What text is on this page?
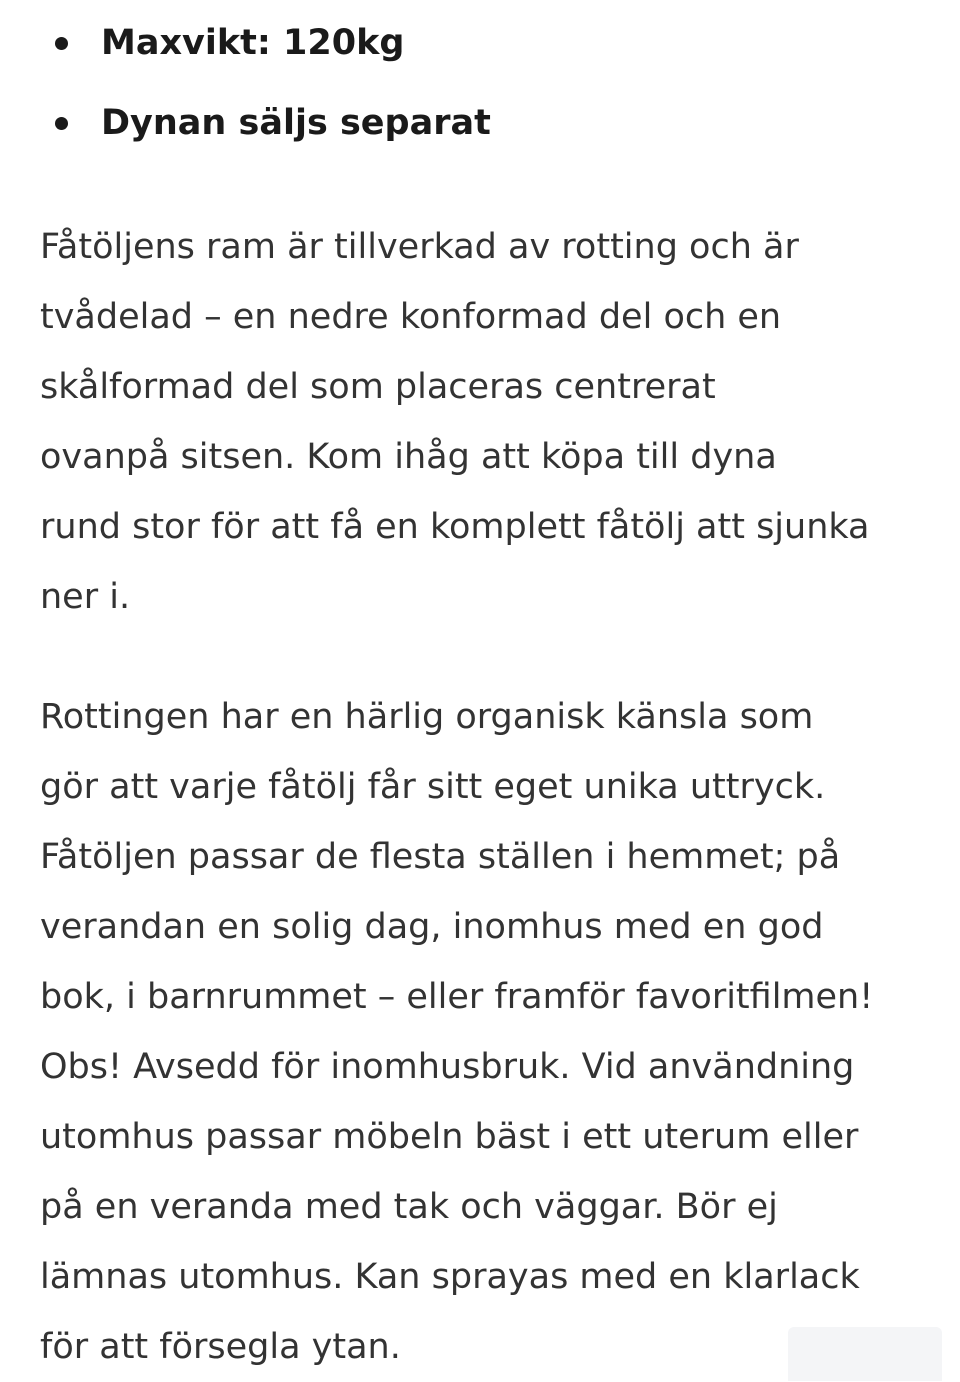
Maxvikt: 120kg
Dynan säljs separat

Fåtöljens ram är tillverkad av rotting och är
tvådelad – en nedre konformad del och en
skålformad del som placeras centrerat
ovanpå sitsen. Kom ihåg att köpa till dyna
rund stor för att få en komplett fåtölj att sjunka
ner i.

Rottingen har en härlig organisk känsla som
gör att varje fåtölj får sitt eget unika uttryck.
Fåtöljen passar de flesta ställen i hemmet; på
verandan en solig dag, inomhus med en god
bok, i barnrummet – eller framför favoritfilmen!
Obs! Avsedd för inomhusbruk. Vid användning
utomhus passar möbeln bäst i ett uterum eller
på en veranda med tak och väggar. Bör ej
lämnas utomhus. Kan sprayas med en klarlack
för att försegla ytan.
